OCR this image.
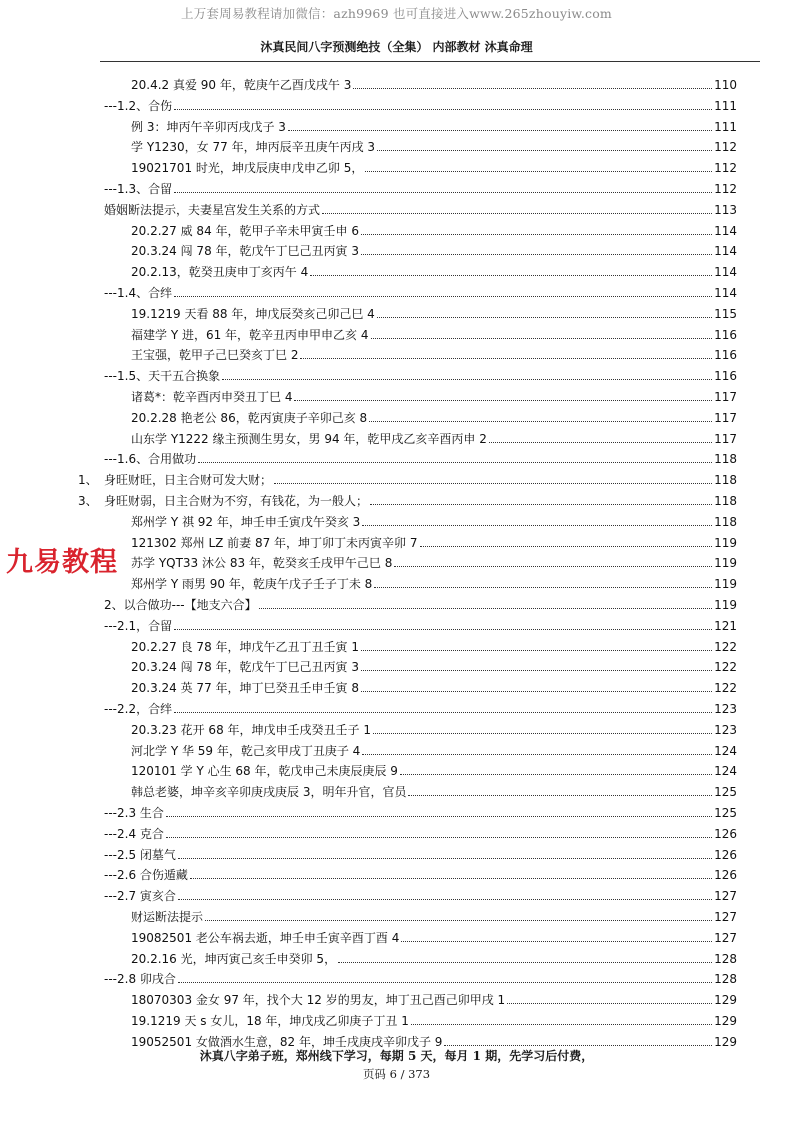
上万套周易教程请加微信：azh9969 也可直接进入www.265zhouyiw.com
沐真民间八字预测绝技（全集） 内部教材 沐真命理
20.4.2 真爱 90 年，乾庚午乙酉戊戌午 3	110
---1.2、合伤	111
例 3：坤丙午辛卯丙戌戊子 3	111
学 Y1230，女 77 年，坤丙辰辛丑庚午丙戌 3	112
19021701 时光，坤戊辰庚申戊申乙卯 5，	112
---1.3、合留	112
婚姻断法提示，夫妻星宫发生关系的方式	113
20.2.27 威 84 年，乾甲子辛未甲寅壬申 6	114
20.3.24 闯 78 年，乾戊午丁巳己丑丙寅 3	114
20.2.13，乾癸丑庚申丁亥丙午 4	114
---1.4、合绊	114
19.1219 天看 88 年，坤戊辰癸亥己卯己巳 4	115
福建学 Y 进，61 年，乾辛丑丙申甲申乙亥 4	116
王宝强，乾甲子己巳癸亥丁巳 2	116
---1.5、天干五合换象	116
诸葛*：乾辛酉丙申癸丑丁巳 4	117
20.2.28 艳老公 86，乾丙寅庚子辛卯己亥 8	117
山东学 Y1222 缘主预测生男女，男 94 年，乾甲戌乙亥辛酉丙申 2	117
---1.6、合用做功	118
1、 身旺财旺，日主合财可发大财；	118
3、 身旺财弱，日主合财为不穷，有钱花，为一般人；	118
郑州学 Y 祺 92 年，坤壬申壬寅戊午癸亥 3	118
121302 郑州 LZ 前妻 87 年，坤丁卯丁未丙寅辛卯 7	119
苏学 YQT33 沐公 83 年，乾癸亥壬戌甲午己巳 8	119
郑州学 Y 雨男 90 年，乾庚午戊子壬子丁未 8	119
2、以合做功---【地支六合】	119
---2.1，合留	121
20.2.27 良 78 年，坤戊午乙丑丁丑壬寅 1	122
20.3.24 闯 78 年，乾戊午丁巳己丑丙寅 3	122
20.3.24 英 77 年，坤丁巳癸丑壬申壬寅 8	122
---2.2，合绊	123
20.3.23 花开 68 年，坤戊申壬戌癸丑壬子 1	123
河北学 Y 华 59 年，乾己亥甲戌丁丑庚子 4	124
120101 学 Y 心生 68 年，乾戊申己未庚辰庚辰 9	124
韩总老婆，坤辛亥辛卯庚戌庚辰 3，明年升官，官员	125
---2.3 生合	125
---2.4 克合	126
---2.5 闭墓气	126
---2.6 合伤遁藏	126
---2.7 寅亥合	127
财运断法提示	127
19082501 老公车祸去逝，坤壬申壬寅辛酉丁酉 4	127
20.2.16 光，坤丙寅己亥壬申癸卯 5，	128
---2.8 卯戌合	128
18070303 金女 97 年，找个大 12 岁的男友，坤丁丑己酉己卯甲戌 1	129
19.1219 天 s 女儿，18 年，坤戊戌乙卯庚子丁丑 1	129
19052501 女做酒水生意，82 年，坤壬戌庚戌辛卯戊子 9	129
九易教程
沐真八字弟子班，郑州线下学习，每期 5 天，每月 1 期，先学习后付费，
页码 6 / 373
